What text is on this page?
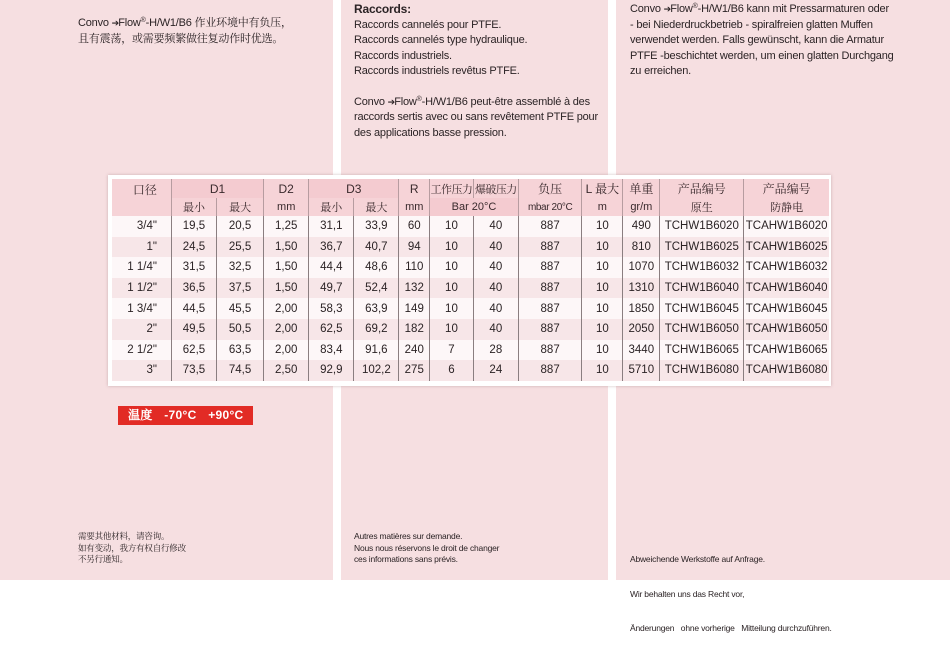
Convo ➔Flow®-H/W1/B6 作业环境中有负压，

且有震荡，或需要频繁做往复动作时优选。

Raccords:

Raccords cannelés pour PTFE.

Raccords cannelés type hydraulique.

Raccords industriels.

Raccords industriels revêtus PTFE.

Convo ➔Flow®-H/W1/B6 peut-être assemblé à des

raccords sertis avec ou sans revêtement PTFE pour

des applications basse pression.

Convo ➔Flow®-H/W1/B6 kann mit Pressarmaturen oder

- bei Niederdruckbetrieb - spiralfreien glatten Muffen

verwendet werden. Falls gewünscht, kann die Armatur

PTFE -beschichtet werden, um einen glatten Durchgang

zu erreichen.

口径	D1		D2	D3		R	工作压力	爆破压力	负压	L 最大	单重	产品编号	产品编号
	最小	最大	mm	最小	最大	mm	Bar 20°C		mbar 20°C	m	gr/m	原生	防静电
3/4"	19,5	20,5	1,25	31,1	33,9	60	10	40	887	10	490	TCHW1B6020	TCAHW1B6020
1"	24,5	25,5	1,50	36,7	40,7	94	10	40	887	10	810	TCHW1B6025	TCAHW1B6025
1 1/4"	31,5	32,5	1,50	44,4	48,6	110	10	40	887	10	1070	TCHW1B6032	TCAHW1B6032
1 1/2"	36,5	37,5	1,50	49,7	52,4	132	10	40	887	10	1310	TCHW1B6040	TCAHW1B6040
1 3/4"	44,5	45,5	2,00	58,3	63,9	149	10	40	887	10	1850	TCHW1B6045	TCAHW1B6045
2"	49,5	50,5	2,00	62,5	69,2	182	10	40	887	10	2050	TCHW1B6050	TCAHW1B6050
2 1/2"	62,5	63,5	2,00	83,4	91,6	240	7	28	887	10	3440	TCHW1B6065	TCAHW1B6065
3"	73,5	74,5	2,50	92,9	102,2	275	6	24	887	10	5710	TCHW1B6080	TCAHW1B6080
温度 -70°C +90°C
需要其他材料，请咨询。
如有变动，我方有权自行修改
不另行通知。
Autres matières sur demande.
Nous nous réservons le droit de changer
ces informations sans prévis.

	Abweichende Werkstoffe auf Anfrage.

Wir behalten uns das Recht vor,

Änderungen   ohne vorherige   Mitteilung durchzuführen.
